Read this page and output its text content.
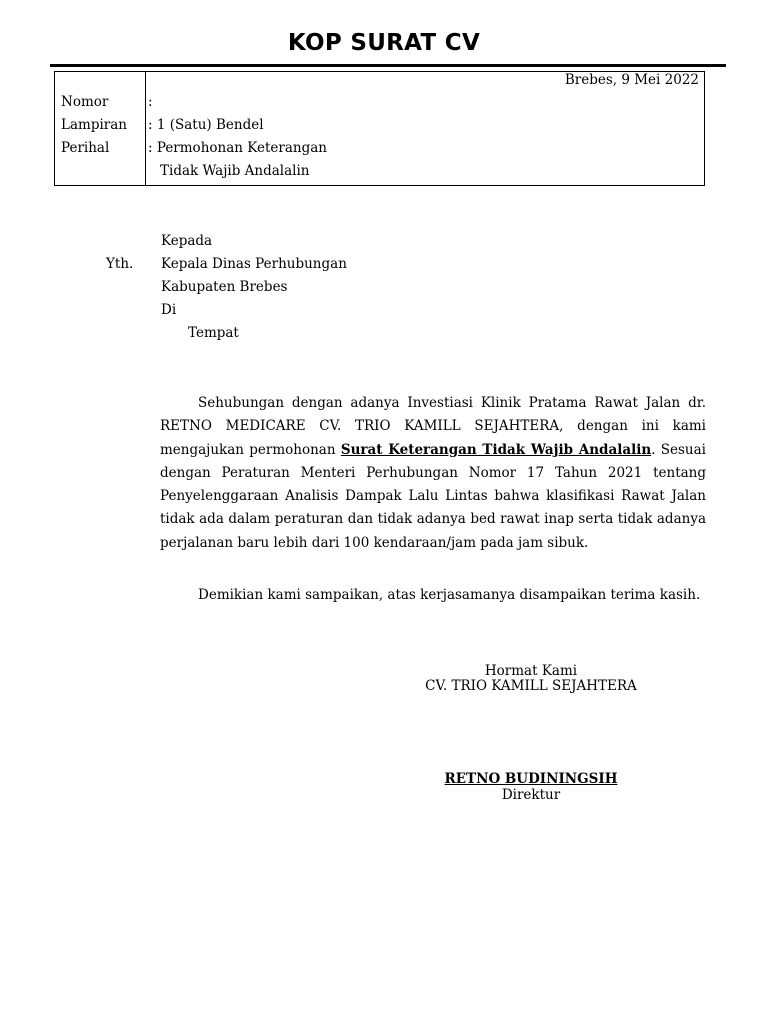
KOP SURAT CV
Brebes, 9 Mei 2022
Nomor	:
Lampiran : 1 (Satu) Bendel
Perihal	: Permohonan Keterangan
Tidak Wajib Andalalin
Kepada
Yth. Kepala Dinas Perhubungan
Kabupaten Brebes
Di
Tempat
Sehubungan dengan adanya Investiasi Klinik Pratama Rawat Jalan dr. RETNO MEDICARE CV. TRIO KAMILL SEJAHTERA, dengan ini kami mengajukan permohonan Surat Keterangan Tidak Wajib Andalalin. Sesuai dengan Peraturan Menteri Perhubungan Nomor 17 Tahun 2021 tentang Penyelenggaraan Analisis Dampak Lalu Lintas bahwa klasifikasi Rawat Jalan tidak ada dalam peraturan dan tidak adanya bed rawat inap serta tidak adanya perjalanan baru lebih dari 100 kendaraan/jam pada jam sibuk.
Demikian kami sampaikan, atas kerjasamanya disampaikan terima kasih.
Hormat Kami
CV. TRIO KAMILL SEJAHTERA
RETNO BUDININGSIH
Direktur
